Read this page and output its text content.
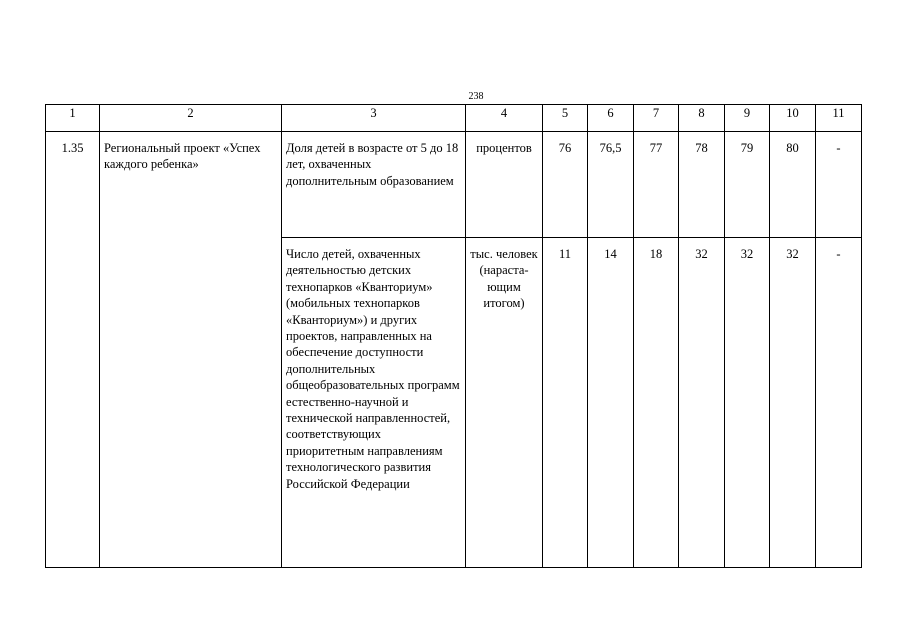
238
1	2	3	4	5	6	7	8	9	10	11
1.35	Региональный проект «Успех каждого ребенка»	Доля детей в возрасте от 5 до 18 лет, охваченных дополнительным образованием	процентов	76	76,5	77	78	79	80	-
		Число детей, охваченных деятельностью детских технопарков «Кванториум» (мобильных технопарков «Кванториум») и других проектов, направленных на обеспечение доступности дополнительных общеобразовательных программ естественно-научной и технической направленностей, соответствующих приоритетным направлениям технологического развития Российской Федерации	тыс. человек (нараста-ющим итогом)	11	14	18	32	32	32	-
